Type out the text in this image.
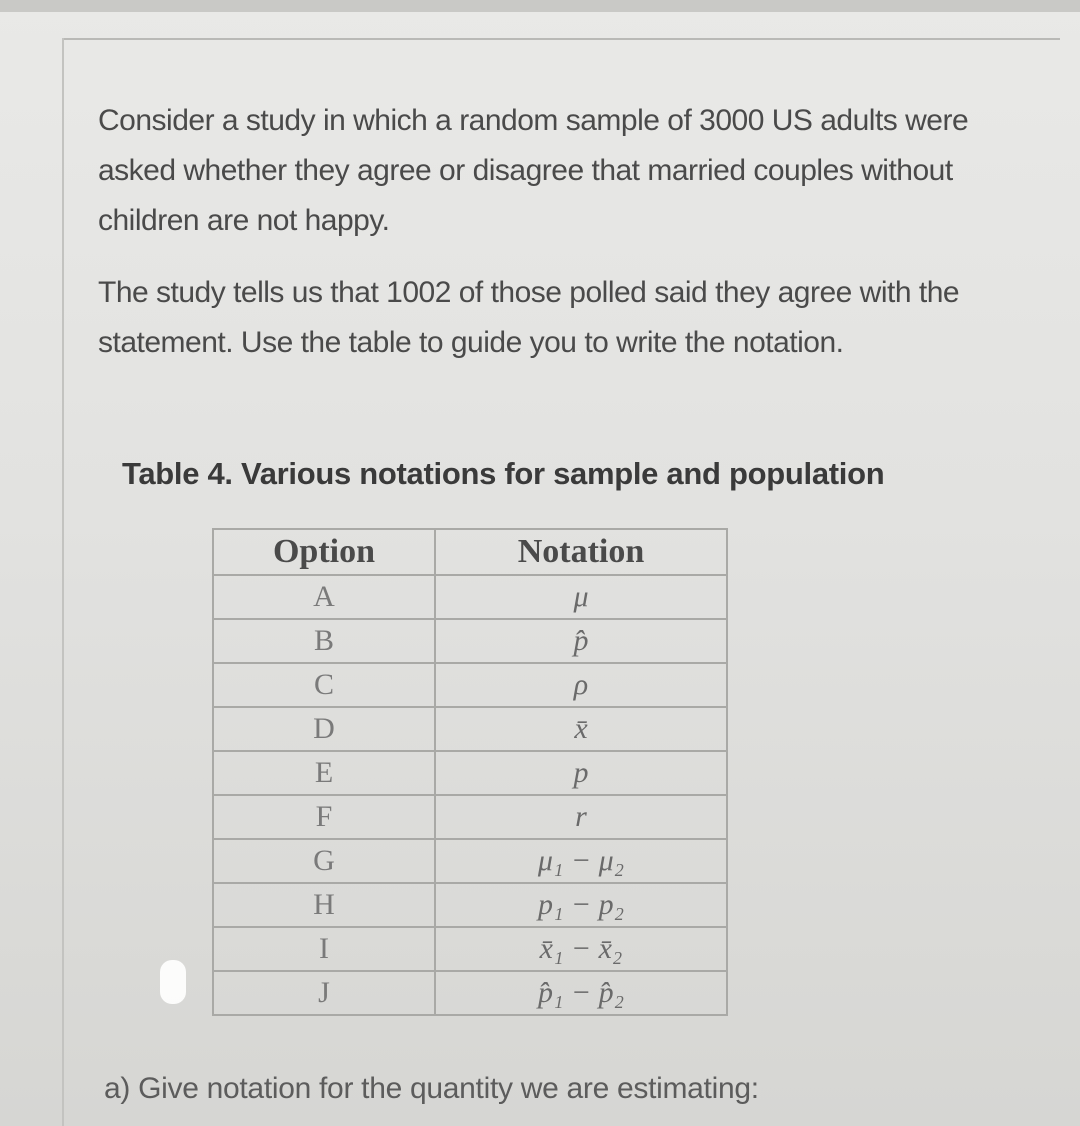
Consider a study in which a random sample of 3000 US adults were asked whether they agree or disagree that married couples without children are not happy.

The study tells us that 1002 of those polled said they agree with the statement. Use the table to guide you to write the notation.

Table 4. Various notations for sample and population
Option	Notation
A	μ
B	p̂
C	ρ
D	x̄
E	p
F	r
G	μ₁ − μ₂
H	p₁ − p₂
I	x̄₁ − x̄₂
J	p̂₁ − p̂₂
a) Give notation for the quantity we are estimating:
